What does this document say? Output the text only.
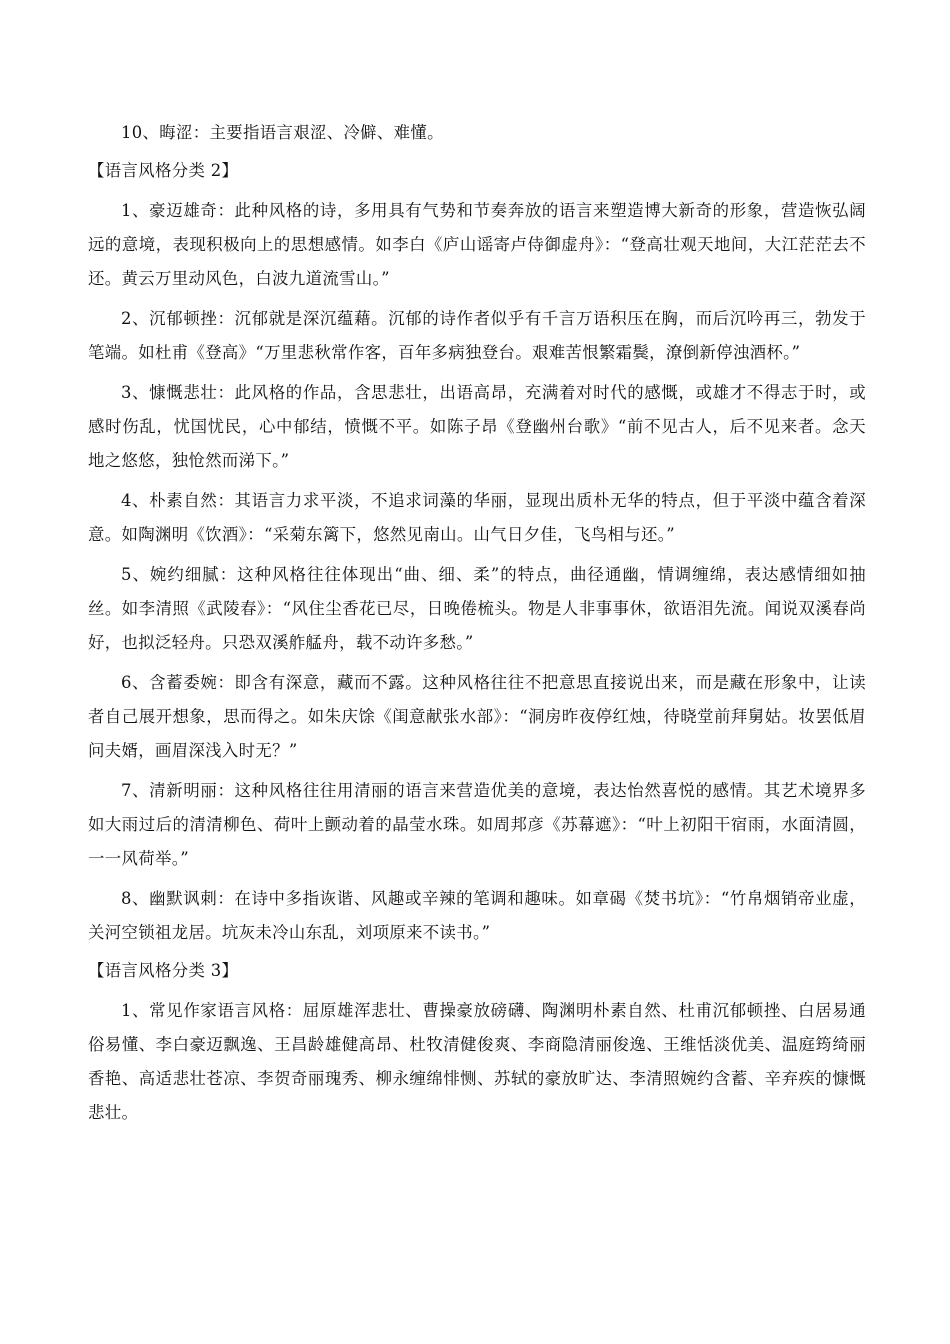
10、晦涩：主要指语言艰涩、冷僻、难懂。

【语言风格分类 2】

1、豪迈雄奇：此种风格的诗，多用具有气势和节奏奔放的语言来塑造博大新奇的形象，营造恢弘阔远的意境，表现积极向上的思想感情。如李白《庐山谣寄卢侍御虚舟》：“登高壮观天地间，大江茫茫去不还。黄云万里动风色，白波九道流雪山。”

2、沉郁顿挫：沉郁就是深沉蕴藉。沉郁的诗作者似乎有千言万语积压在胸，而后沉吟再三，勃发于笔端。如杜甫《登高》“万里悲秋常作客，百年多病独登台。艰难苦恨繁霜鬓，潦倒新停浊酒杯。”

3、慷慨悲壮：此风格的作品，含思悲壮，出语高昂，充满着对时代的感慨，或雄才不得志于时，或感时伤乱，忧国忧民，心中郁结，愤慨不平。如陈子昂《登幽州台歌》“前不见古人，后不见来者。念天地之悠悠，独怆然而涕下。”

4、朴素自然：其语言力求平淡，不追求词藻的华丽，显现出质朴无华的特点，但于平淡中蕴含着深意。如陶渊明《饮酒》：“采菊东篱下，悠然见南山。山气日夕佳，飞鸟相与还。”

5、婉约细腻：这种风格往往体现出“曲、细、柔”的特点，曲径通幽，情调缠绵，表达感情细如抽丝。如李清照《武陵春》：“风住尘香花已尽，日晚倦梳头。物是人非事事休，欲语泪先流。闻说双溪春尚好，也拟泛轻舟。只恐双溪舴艋舟，载不动许多愁。”

6、含蓄委婉：即含有深意，藏而不露。这种风格往往不把意思直接说出来，而是藏在形象中，让读者自己展开想象，思而得之。如朱庆馀《闺意献张水部》：“洞房昨夜停红烛，待晓堂前拜舅姑。妆罢低眉问夫婿，画眉深浅入时无？”

7、清新明丽：这种风格往往用清丽的语言来营造优美的意境，表达怡然喜悦的感情。其艺术境界多如大雨过后的清清柳色、荷叶上颤动着的晶莹水珠。如周邦彦《苏幕遮》：“叶上初阳干宿雨，水面清圆，一一风荷举。”

8、幽默讽刺：在诗中多指诙谐、风趣或辛辣的笔调和趣味。如章碣《焚书坑》：“竹帛烟销帝业虚，关河空锁祖龙居。坑灰未冷山东乱，刘项原来不读书。”

【语言风格分类 3】

1、常见作家语言风格：屈原雄浑悲壮、曹操豪放磅礴、陶渊明朴素自然、杜甫沉郁顿挫、白居易通俗易懂、李白豪迈飘逸、王昌龄雄健高昂、杜牧清健俊爽、李商隐清丽俊逸、王维恬淡优美、温庭筠绮丽香艳、高适悲壮苍凉、李贺奇丽瑰秀、柳永缠绵悱恻、苏轼的豪放旷达、李清照婉约含蓄、辛弃疾的慷慨悲壮。
